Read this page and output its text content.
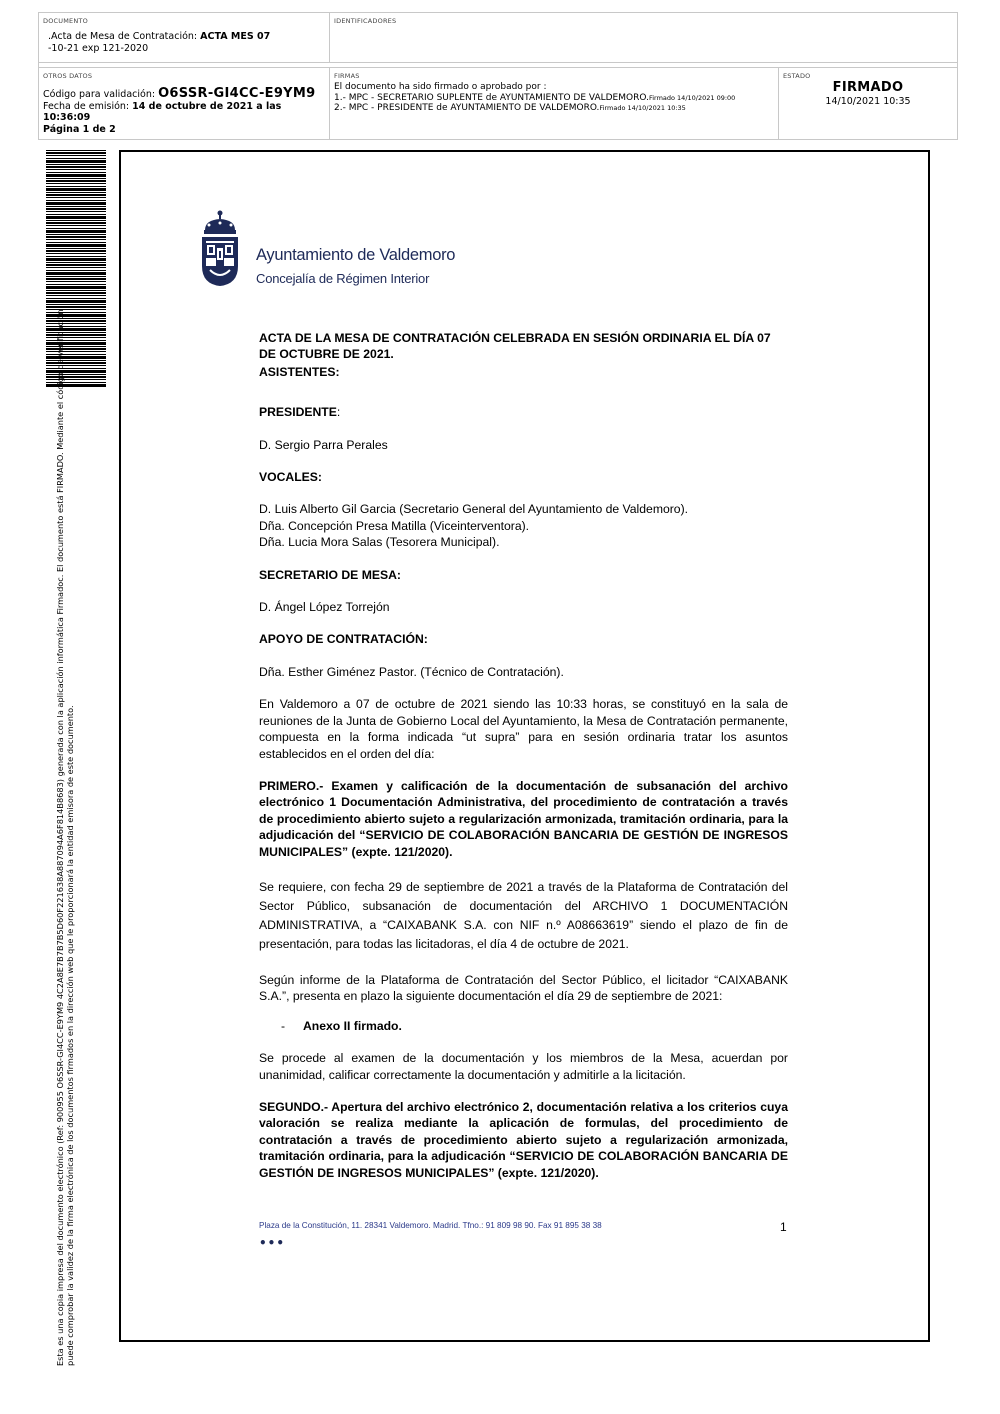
DOCUMENTO
.Acta de Mesa de Contratación: ACTA MES 07
-10-21 exp 121-2020
IDENTIFICADORES
OTROS DATOS
Código para validación: O6SSR-GI4CC-E9YM9
Fecha de emisión: 14 de octubre de 2021 a las 10:36:09
Página 1 de 2
FIRMAS
El documento ha sido firmado o aprobado por :
1.- MPC - SECRETARIO SUPLENTE de AYUNTAMIENTO DE VALDEMORO.Firmado 14/10/2021 09:00
2.- MPC - PRESIDENTE de AYUNTAMIENTO DE VALDEMORO.Firmado 14/10/2021 10:35
ESTADO
FIRMADO
14/10/2021 10:35
Esta es una copia impresa del documento electrónico (Ref: 900955 O6SSR-GI4CC-E9YM9 4C2A8E7B7B7B5D60F221638A887094A6F814B8683) generada con la aplicación informática Firmadoc. El documento está FIRMADO. Mediante el código de verificación puede comprobar la validez de la firma electrónica de los documentos firmados en la dirección web que le proporcionará la entidad emisora de este documento.
Ayuntamiento de Valdemoro
Concejalía de Régimen Interior

ACTA DE LA MESA DE CONTRATACIÓN CELEBRADA EN SESIÓN ORDINARIA EL DÍA 07 DE OCTUBRE DE 2021.

ASISTENTES:

PRESIDENTE:

D. Sergio Parra Perales

VOCALES:

D. Luis Alberto Gil Garcia (Secretario General del Ayuntamiento de Valdemoro).

Dña. Concepción Presa Matilla (Viceinterventora).

Dña. Lucia Mora Salas (Tesorera Municipal).

SECRETARIO DE MESA:

D. Ángel López Torrejón

APOYO DE CONTRATACIÓN:

Dña. Esther Giménez Pastor. (Técnico de Contratación).

En Valdemoro a 07 de octubre de 2021 siendo las 10:33 horas, se constituyó en la sala de reuniones de la Junta de Gobierno Local del Ayuntamiento, la Mesa de Contratación permanente, compuesta en la forma indicada “ut supra” para en sesión ordinaria tratar los asuntos establecidos en el orden del día:

PRIMERO.- Examen y calificación de la documentación de subsanación del archivo electrónico 1 Documentación Administrativa, del procedimiento de contratación a través de procedimiento abierto sujeto a regularización armonizada, tramitación ordinaria, para la adjudicación del “SERVICIO DE COLABORACIÓN BANCARIA DE GESTIÓN DE INGRESOS MUNICIPALES” (expte. 121/2020).

Se requiere, con fecha 29 de septiembre de 2021 a través de la Plataforma de Contratación del Sector Público, subsanación de documentación del ARCHIVO 1 DOCUMENTACIÓN ADMINISTRATIVA, a “CAIXABANK S.A. con NIF n.º A08663619” siendo el plazo de fin de presentación, para todas las licitadoras, el día 4 de octubre de 2021.

Según informe de la Plataforma de Contratación del Sector Público, el licitador “CAIXABANK S.A.”, presenta en plazo la siguiente documentación el día 29 de septiembre de 2021:

- Anexo II firmado.

Se procede al examen de la documentación y los miembros de la Mesa, acuerdan por unanimidad, calificar correctamente la documentación y admitirle a la licitación.

SEGUNDO.- Apertura del archivo electrónico 2, documentación relativa a los criterios cuya valoración se realiza mediante la aplicación de formulas, del procedimiento de contratación a través de procedimiento abierto sujeto a regularización armonizada, tramitación ordinaria, para la adjudicación “SERVICIO DE COLABORACIÓN BANCARIA DE GESTIÓN DE INGRESOS MUNICIPALES” (expte. 121/2020).

Plaza de la Constitución, 11. 28341 Valdemoro. Madrid. Tfno.: 91 809 98 90. Fax 91 895 38 38	1
•••
